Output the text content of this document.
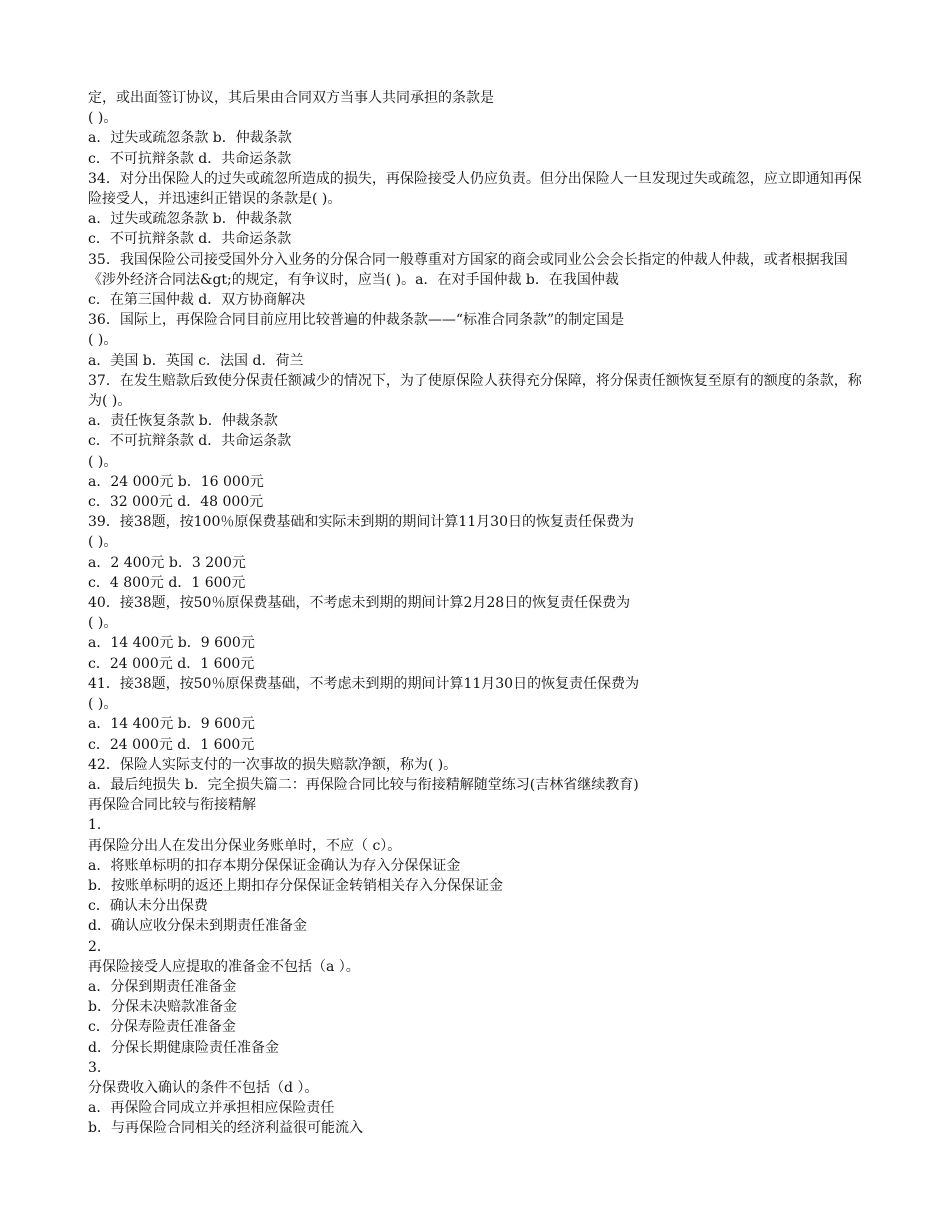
定，或出面签订协议，其后果由合同双方当事人共同承担的条款是

( )。

a．过失或疏忽条款 b．仲裁条款

c．不可抗辩条款 d．共命运条款

34．对分出保险人的过失或疏忽所造成的损失，再保险接受人仍应负责。但分出保险人一旦发现过失或疏忽，应立即通知再保险接受人，并迅速纠正错误的条款是( )。

a．过失或疏忽条款 b．仲裁条款

c．不可抗辩条款 d．共命运条款

35．我国保险公司接受国外分入业务的分保合同一般尊重对方国家的商会或同业公会会长指定的仲裁人仲裁，或者根据我国《涉外经济合同法&gt;的规定，有争议时，应当( )。a．在对手国仲裁 b．在我国仲裁

c．在第三国仲裁 d．双方协商解决

36．国际上，再保险合同目前应用比较普遍的仲裁条款——“标准合同条款”的制定国是

( )。

a．美国 b．英国 c．法国 d．荷兰

37．在发生赔款后致使分保责任额减少的情况下，为了使原保险人获得充分保障，将分保责任额恢复至原有的额度的条款，称为( )。

a．责任恢复条款 b．仲裁条款

c．不可抗辩条款 d．共命运条款

( )。

a．24 000元 b．16 000元

c．32 000元 d．48 000元

39．接38题，按100％原保费基础和实际未到期的期间计算11月30日的恢复责任保费为

( )。

a．2 400元 b．3 200元

c．4 800元 d．1 600元

40．接38题，按50％原保费基础，不考虑未到期的期间计算2月28日的恢复责任保费为

( )。

a．14 400元 b．9 600元

c．24 000元 d．1 600元

41．接38题，按50％原保费基础，不考虑未到期的期间计算11月30日的恢复责任保费为

( )。

a．14 400元 b．9 600元

c．24 000元 d．1 600元

42．保险人实际支付的一次事故的损失赔款净额，称为( )。

a．最后纯损失 b．完全损失篇二：再保险合同比较与衔接精解随堂练习(吉林省继续教育)

再保险合同比较与衔接精解

1．

再保险分出人在发出分保业务账单时，不应（ c）。

a．将账单标明的扣存本期分保保证金确认为存入分保保证金

b．按账单标明的返还上期扣存分保保证金转销相关存入分保保证金

c．确认未分出保费

d．确认应收分保未到期责任准备金

2．

再保险接受人应提取的准备金不包括（a ）。

a．分保到期责任准备金

b．分保未决赔款准备金

c．分保寿险责任准备金

d．分保长期健康险责任准备金

3．

分保费收入确认的条件不包括（d ）。

a．再保险合同成立并承担相应保险责任

b．与再保险合同相关的经济利益很可能流入
